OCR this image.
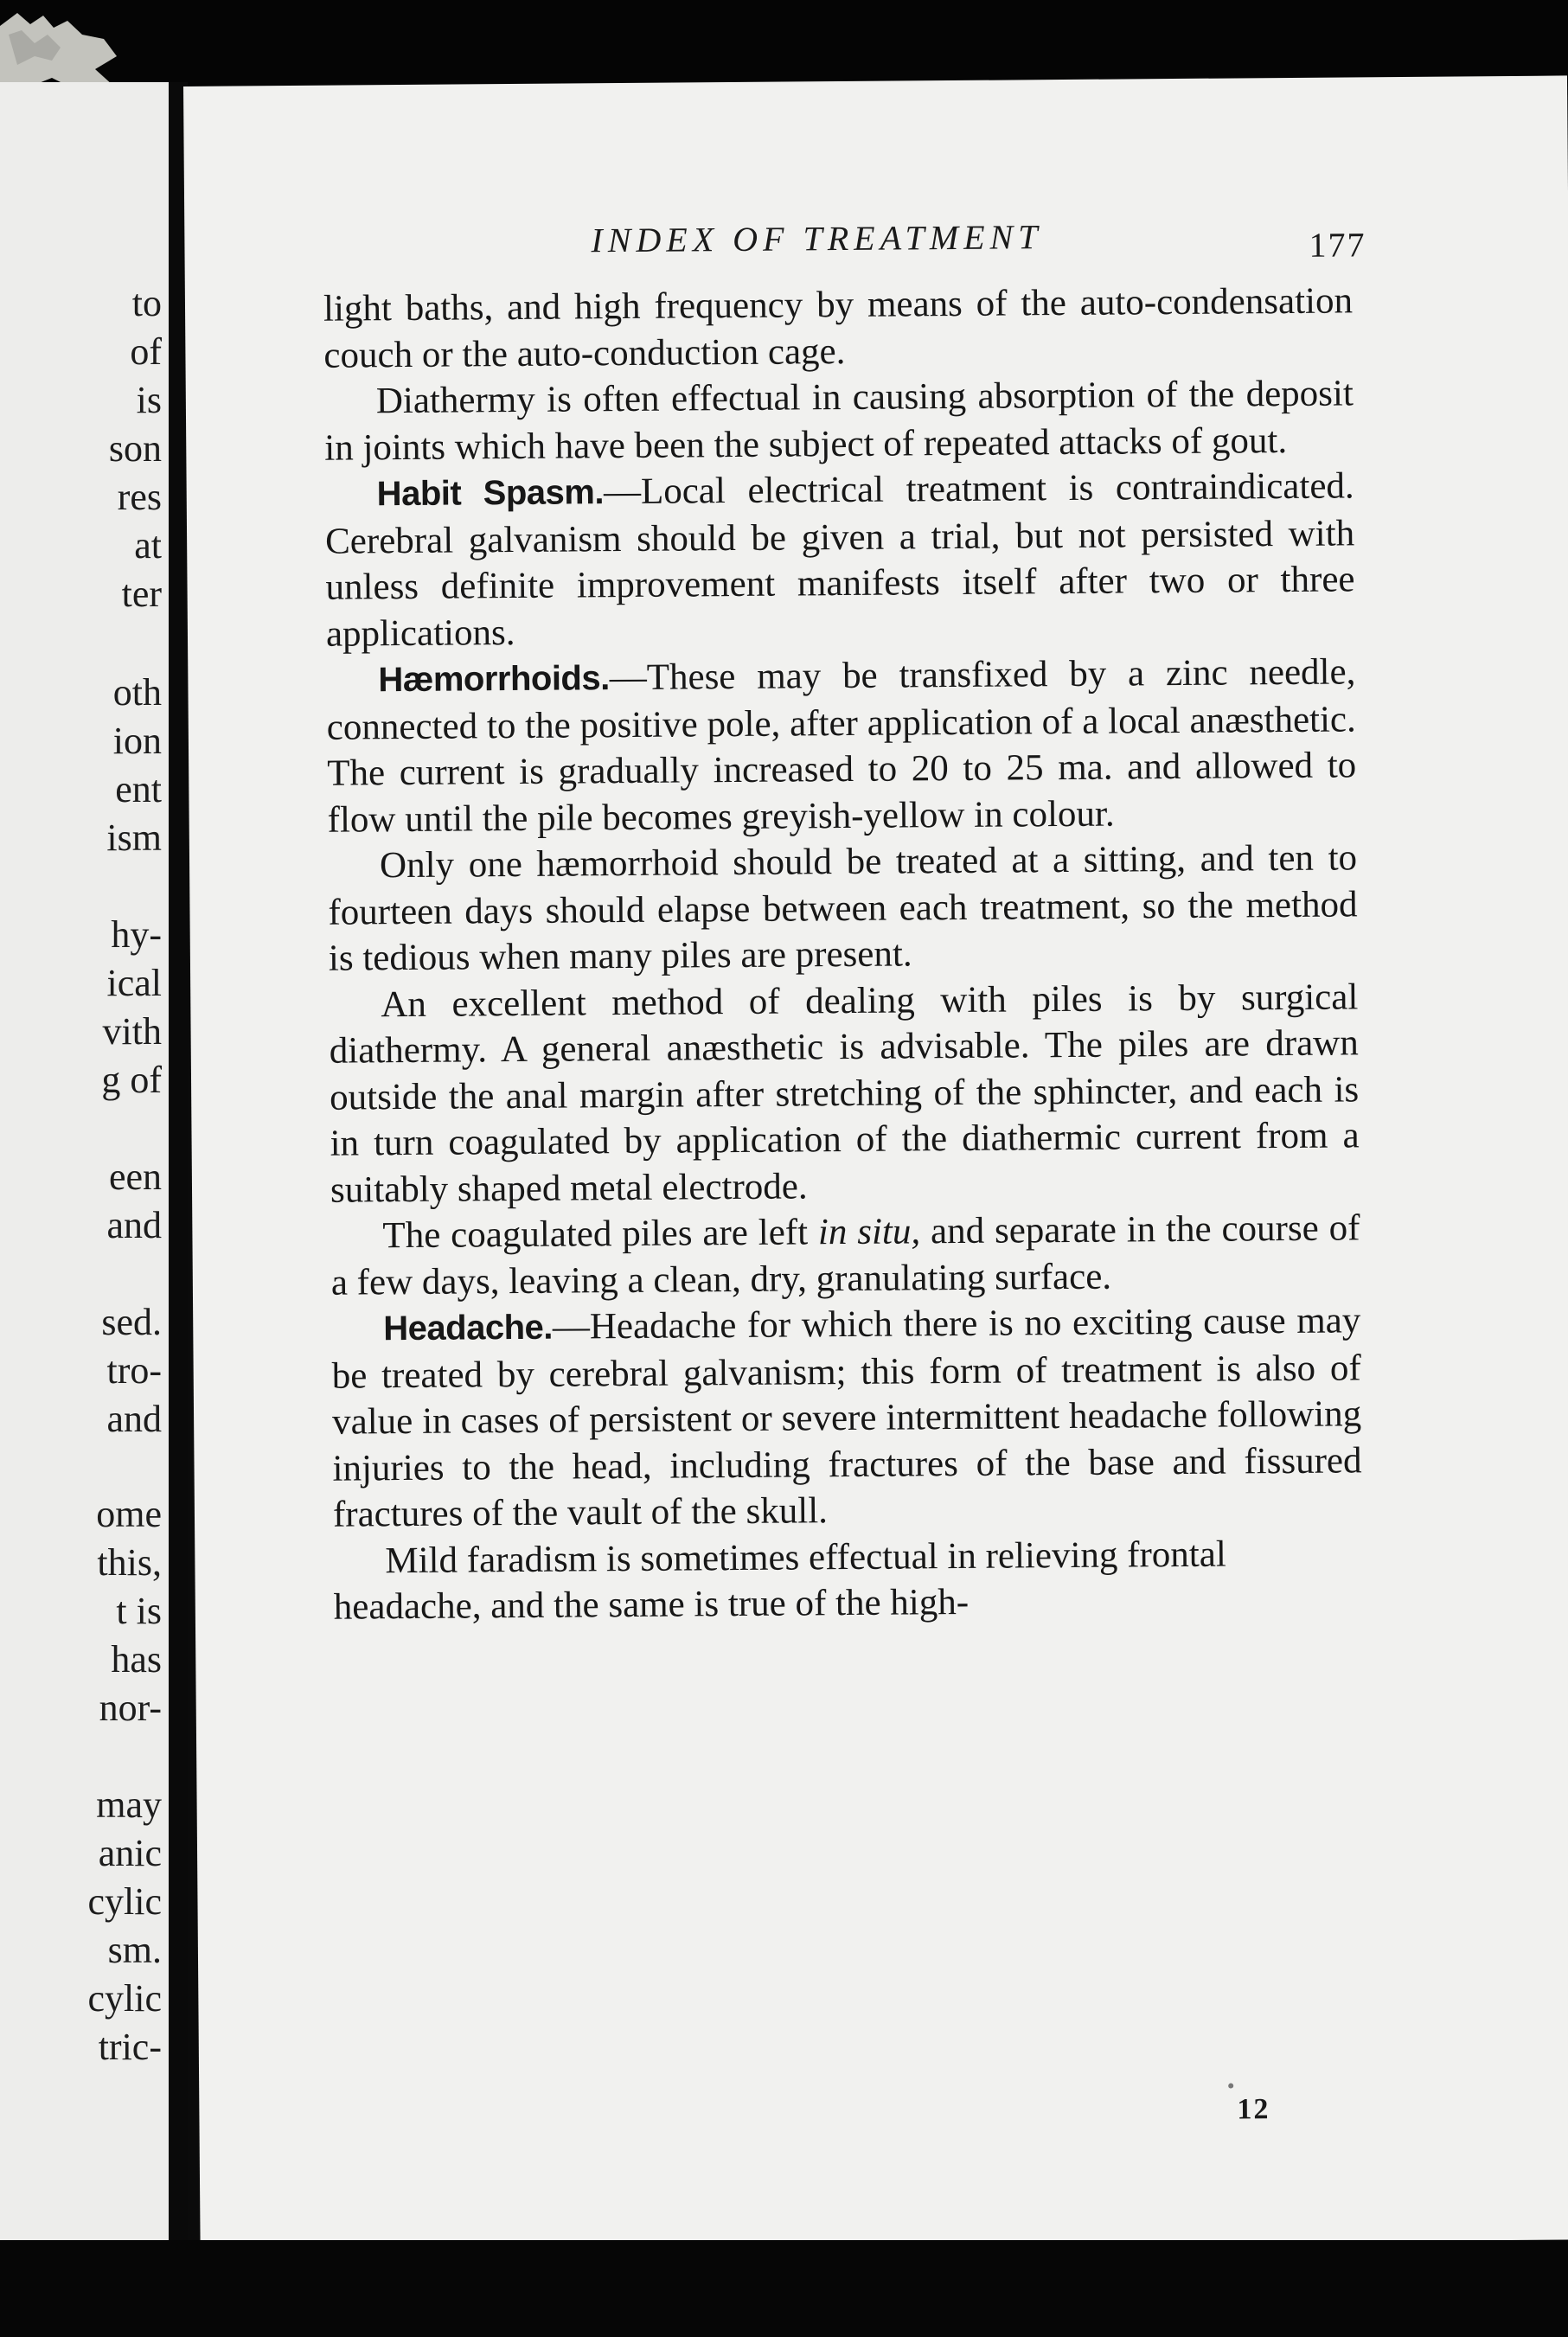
to
of
is
son
res
at
ter
oth
ion
ent
ism
hy-
ical
vith
g of
een
and
sed.
tro-
and
ome
this,
t is
has
nor-
may
anic
cylic
sm.
cylic
tric-
INDEX OF TREATMENT	177

light baths, and high frequency by means of the auto-condensation couch or the auto-conduction cage.

Diathermy is often effectual in causing absorption of the deposit in joints which have been the subject of repeated attacks of gout.

Habit Spasm.—Local electrical treatment is contraindicated. Cerebral galvanism should be given a trial, but not persisted with unless definite improvement manifests itself after two or three applications.

Hæmorrhoids.—These may be transfixed by a zinc needle, connected to the positive pole, after application of a local anæsthetic. The current is gradually increased to 20 to 25 ma. and allowed to flow until the pile becomes greyish-yellow in colour.

Only one hæmorrhoid should be treated at a sitting, and ten to fourteen days should elapse between each treatment, so the method is tedious when many piles are present.

An excellent method of dealing with piles is by surgical diathermy. A general anæsthetic is advisable. The piles are drawn outside the anal margin after stretching of the sphincter, and each is in turn coagulated by application of the diathermic current from a suitably shaped metal electrode.

The coagulated piles are left in situ, and separate in the course of a few days, leaving a clean, dry, granulating surface.

Headache.—Headache for which there is no exciting cause may be treated by cerebral galvanism; this form of treatment is also of value in cases of persistent or severe intermittent headache following injuries to the head, including fractures of the base and fissured fractures of the vault of the skull.

Mild faradism is sometimes effectual in relieving frontal headache, and the same is true of the high-

12
